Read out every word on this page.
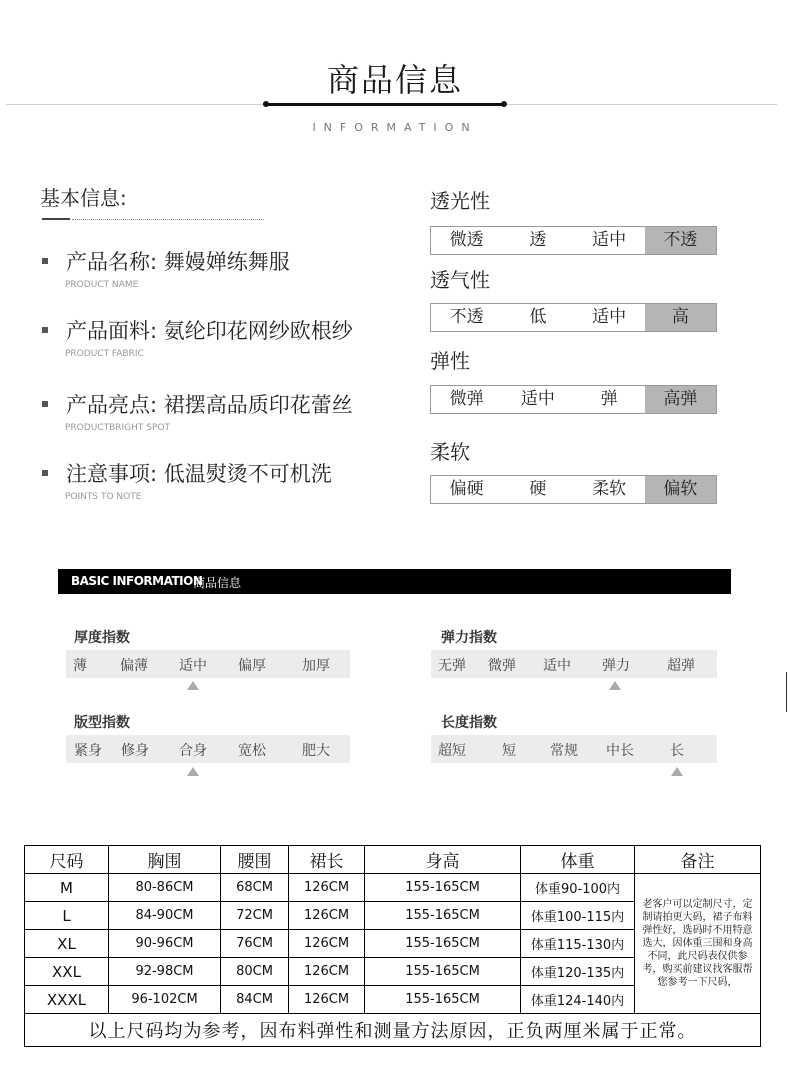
商品信息
INFORMATION
基本信息:
产品名称: 舞嫚婵练舞服
PRODUCT NAME
产品面料: 氨纶印花网纱欧根纱
PRODUCT FABRIC
产品亮点: 裙摆高品质印花蕾丝
PRODUCTBRIGHT SPOT
注意事项: 低温熨烫不可机洗
POINTS TO NOTE
透光性
微透	透	适中	不透
透气性
不透	低	适中	高
弹性
微弹	适中	弹	高弹
柔软
偏硬	硬	柔软	偏软
BASIC INFORMATION
商品信息
厚度指数
薄 偏薄 适中 偏厚	加厚
弹力指数
无弹 微弹 适中 弹力	超弹
版型指数
紧身 修身 合身 宽松	肥大
长度指数
超短	短 常规 中长	长
尺码	胸围	腰围	裙长	身高	体重	备注
M	80-86CM	68CM	126CM	155-165CM	体重90-100内	老客户可以定制尺寸，定制请拍更大码，裙子布料弹性好，选码时不用特意选大，因体重三围和身高不同，此尺码表仅供参考，购买前建议找客服帮您参考一下尺码，
L	84-90CM	72CM	126CM	155-165CM	体重100-115内	
XL	90-96CM	76CM	126CM	155-165CM	体重115-130内	
XXL	92-98CM	80CM	126CM	155-165CM	体重120-135内	
XXXL	96-102CM	84CM	126CM	155-165CM	体重124-140内	
以上尺码均为参考，因布料弹性和测量方法原因，正负两厘米属于正常。						
